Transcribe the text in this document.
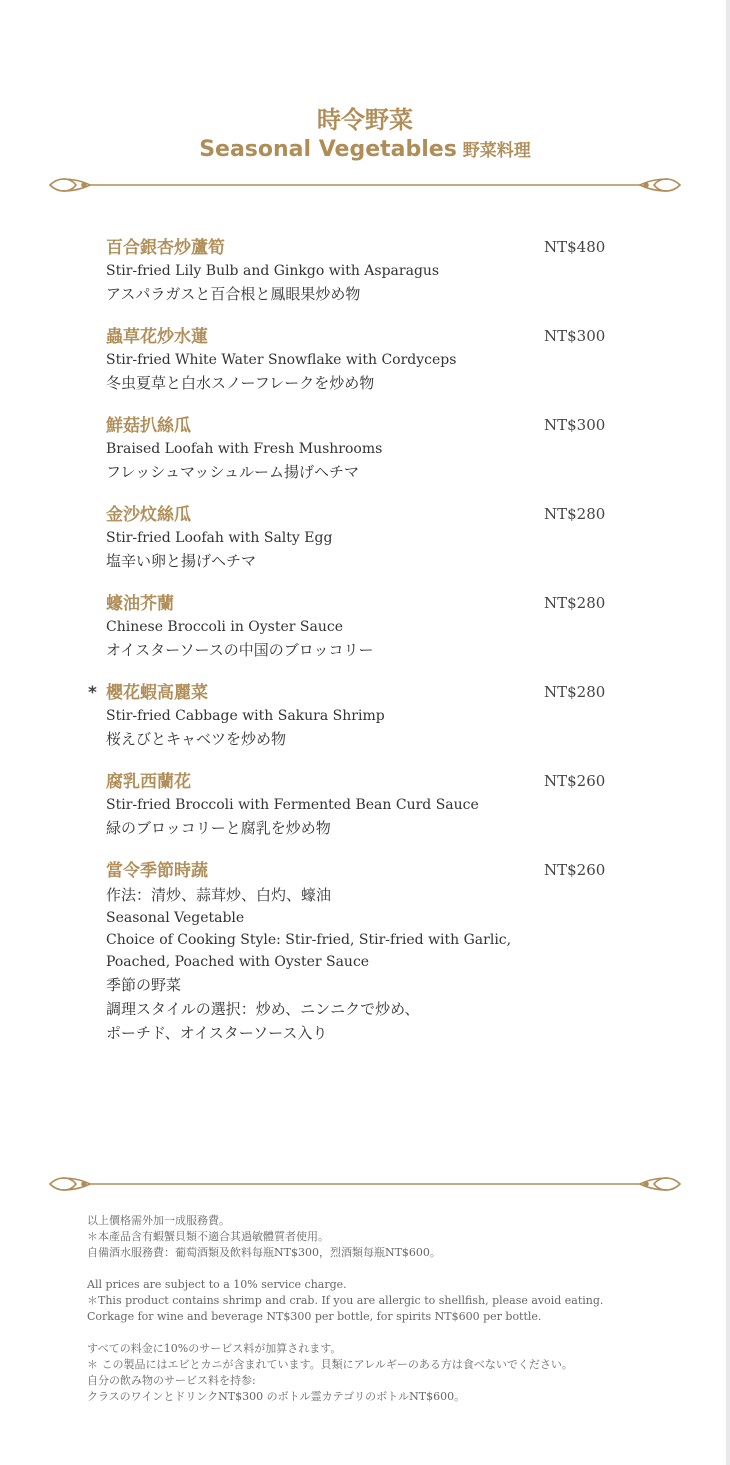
時令野菜
Seasonal Vegetables 野菜料理
百合銀杏炒蘆筍	NT$480
Stir-fried Lily Bulb and Ginkgo with Asparagus
アスパラガスと百合根と鳳眼果炒め物
蟲草花炒水蓮	NT$300
Stir-fried White Water Snowflake with Cordyceps
冬虫夏草と白水スノーフレークを炒め物
鮮菇扒絲瓜	NT$300
Braised Loofah with Fresh Mushrooms
フレッシュマッシュルーム揚げヘチマ
金沙炆絲瓜	NT$280
Stir-fried Loofah with Salty Egg
塩辛い卵と揚げヘチマ
蠔油芥蘭	NT$280
Chinese Broccoli in Oyster Sauce
オイスターソースの中国のブロッコリー
* 櫻花蝦高麗菜	NT$280
Stir-fried Cabbage with Sakura Shrimp
桜えびとキャベツを炒め物
腐乳西蘭花	NT$260
Stir-fried Broccoli with Fermented Bean Curd Sauce
緑のブロッコリーと腐乳を炒め物
當令季節時蔬	NT$260
作法：清炒、蒜茸炒、白灼、蠔油
Seasonal Vegetable
Choice of Cooking Style: Stir-fried, Stir-fried with Garlic,
Poached, Poached with Oyster Sauce
季節の野菜
調理スタイルの選択：炒め、ニンニクで炒め、
ポーチド、オイスターソース入り
以上價格需外加一成服務費。
＊本產品含有蝦蟹貝類不適合其過敏體質者使用。
自備酒水服務費：葡萄酒類及飲料每瓶NT$300，烈酒類每瓶NT$600。
All prices are subject to a 10% service charge.
＊This product contains shrimp and crab. If you are allergic to shellfish, please avoid eating.
Corkage for wine and beverage NT$300 per bottle, for spirits NT$600 per bottle.
すべての料金に10%のサービス料が加算されます。
＊ この製品にはエビとカニが含まれています。貝類にアレルギーのある方は食べないでください。
自分の飲み物のサービス料を持参:
クラスのワインとドリンクNT$300 のボトル霊カテゴリのボトルNT$600。
